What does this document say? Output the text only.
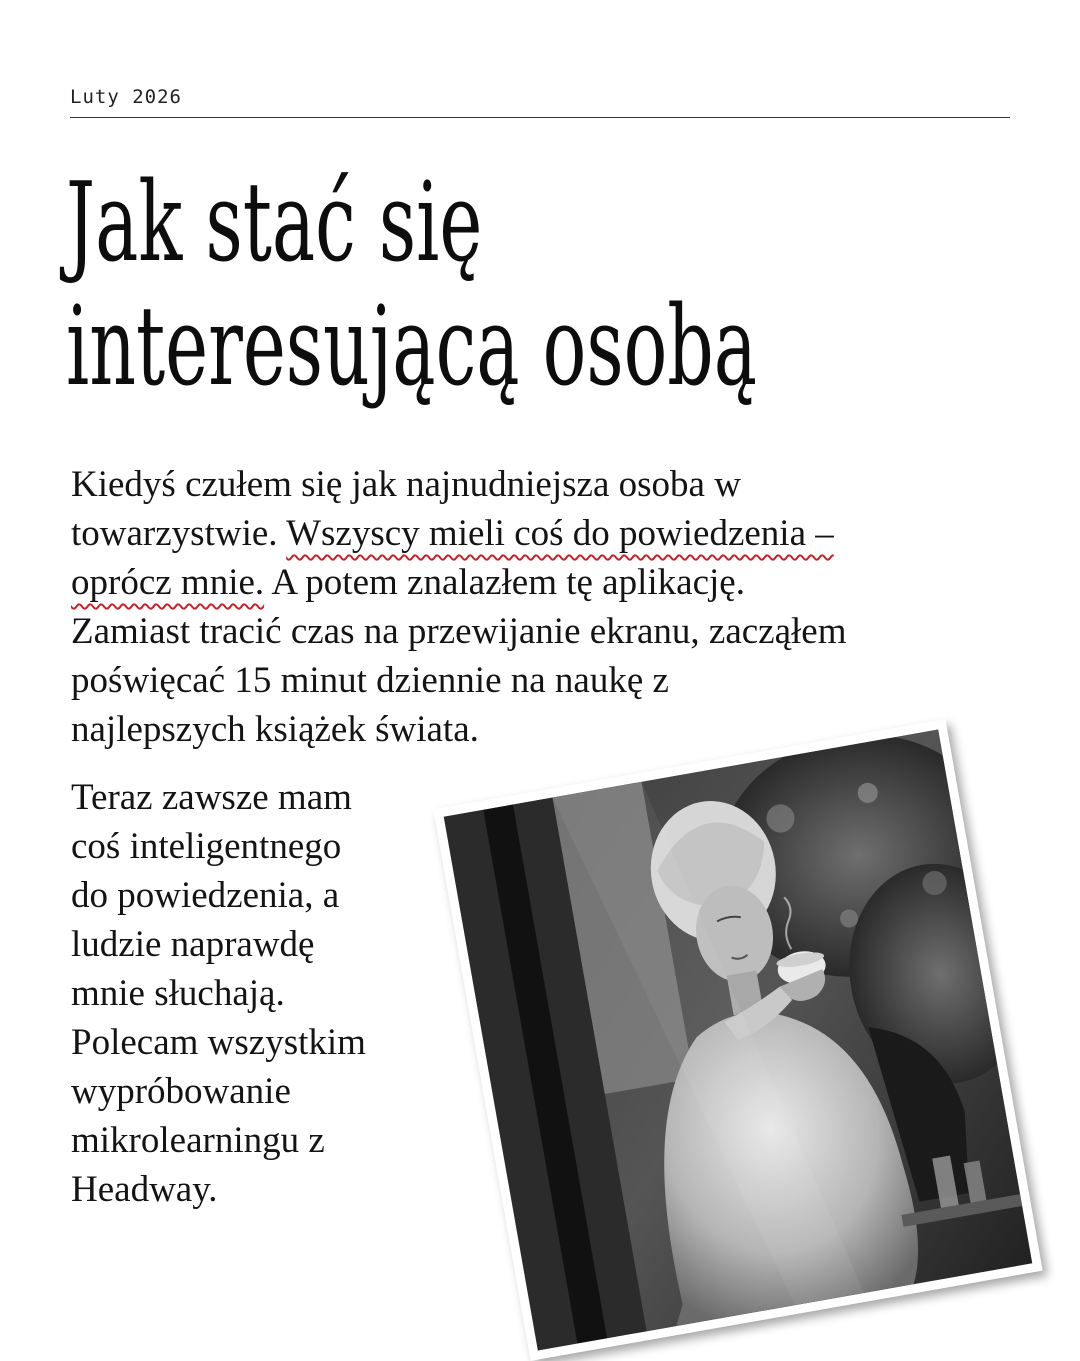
Luty 2026
Jak stać się
interesującą osobą

Kiedyś czułem się jak najnudniejsza osoba w
towarzystwie. Wszyscy mieli coś do powiedzenia –
oprócz mnie. A potem znalazłem tę aplikację.
Zamiast tracić czas na przewijanie ekranu, zacząłem
poświęcać 15 minut dziennie na naukę z
najlepszych książek świata.

Teraz zawsze mam
coś inteligentnego
do powiedzenia, a
ludzie naprawdę
mnie słuchają.
Polecam wszystkim
wypróbowanie
mikrolearningu z
Headway.
